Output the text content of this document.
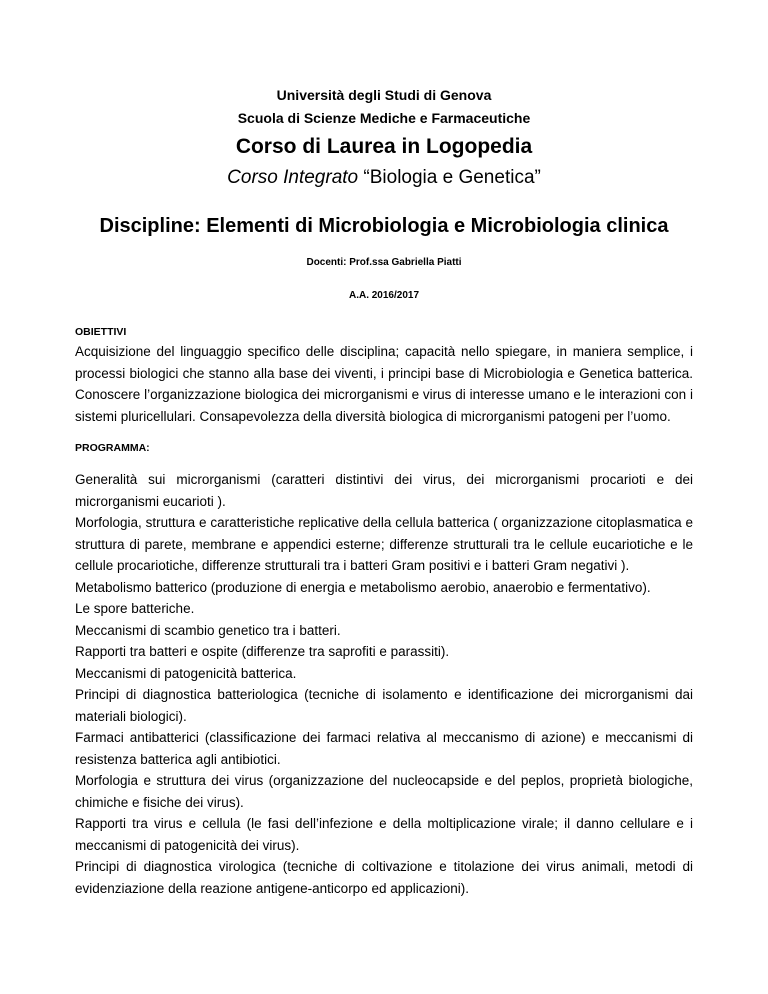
Università degli Studi di Genova
Scuola di Scienze Mediche e Farmaceutiche
Corso di Laurea in Logopedia
Corso Integrato “Biologia e Genetica”
Discipline: Elementi di Microbiologia e Microbiologia clinica
Docenti: Prof.ssa Gabriella Piatti
A.A. 2016/2017
OBIETTIVI
Acquisizione del linguaggio specifico delle disciplina; capacità nello spiegare, in maniera semplice, i processi biologici che stanno alla base dei viventi, i principi base di Microbiologia e Genetica batterica. Conoscere l’organizzazione biologica dei microrganismi e virus di interesse umano e le interazioni con i sistemi pluricellulari. Consapevolezza della diversità biologica di microrganismi patogeni per l’uomo.
PROGRAMMA:

Generalità sui microrganismi (caratteri distintivi dei virus, dei microrganismi procarioti e dei microrganismi eucarioti ).

Morfologia, struttura e caratteristiche replicative della cellula batterica ( organizzazione citoplasmatica e struttura di parete, membrane e appendici esterne; differenze strutturali tra le cellule eucariotiche e le cellule procariotiche, differenze strutturali tra i batteri Gram positivi e i batteri Gram negativi ).

Metabolismo batterico (produzione di energia e metabolismo aerobio, anaerobio e fermentativo).

Le spore batteriche.

Meccanismi di scambio genetico tra i batteri.

Rapporti tra batteri e ospite (differenze tra saprofiti e parassiti).

Meccanismi di patogenicità batterica.

Principi di diagnostica batteriologica (tecniche di isolamento e identificazione dei microrganismi dai materiali biologici).

Farmaci antibatterici (classificazione dei farmaci relativa al meccanismo di azione) e meccanismi di resistenza batterica agli antibiotici.

Morfologia e struttura dei virus (organizzazione del nucleocapside e del peplos, proprietà biologiche, chimiche e fisiche dei virus).

Rapporti tra virus e cellula (le fasi dell’infezione e della moltiplicazione virale; il danno cellulare e i meccanismi di patogenicità dei virus).

Principi di diagnostica virologica (tecniche di coltivazione e titolazione dei virus animali, metodi di evidenziazione della reazione antigene-anticorpo ed applicazioni).
